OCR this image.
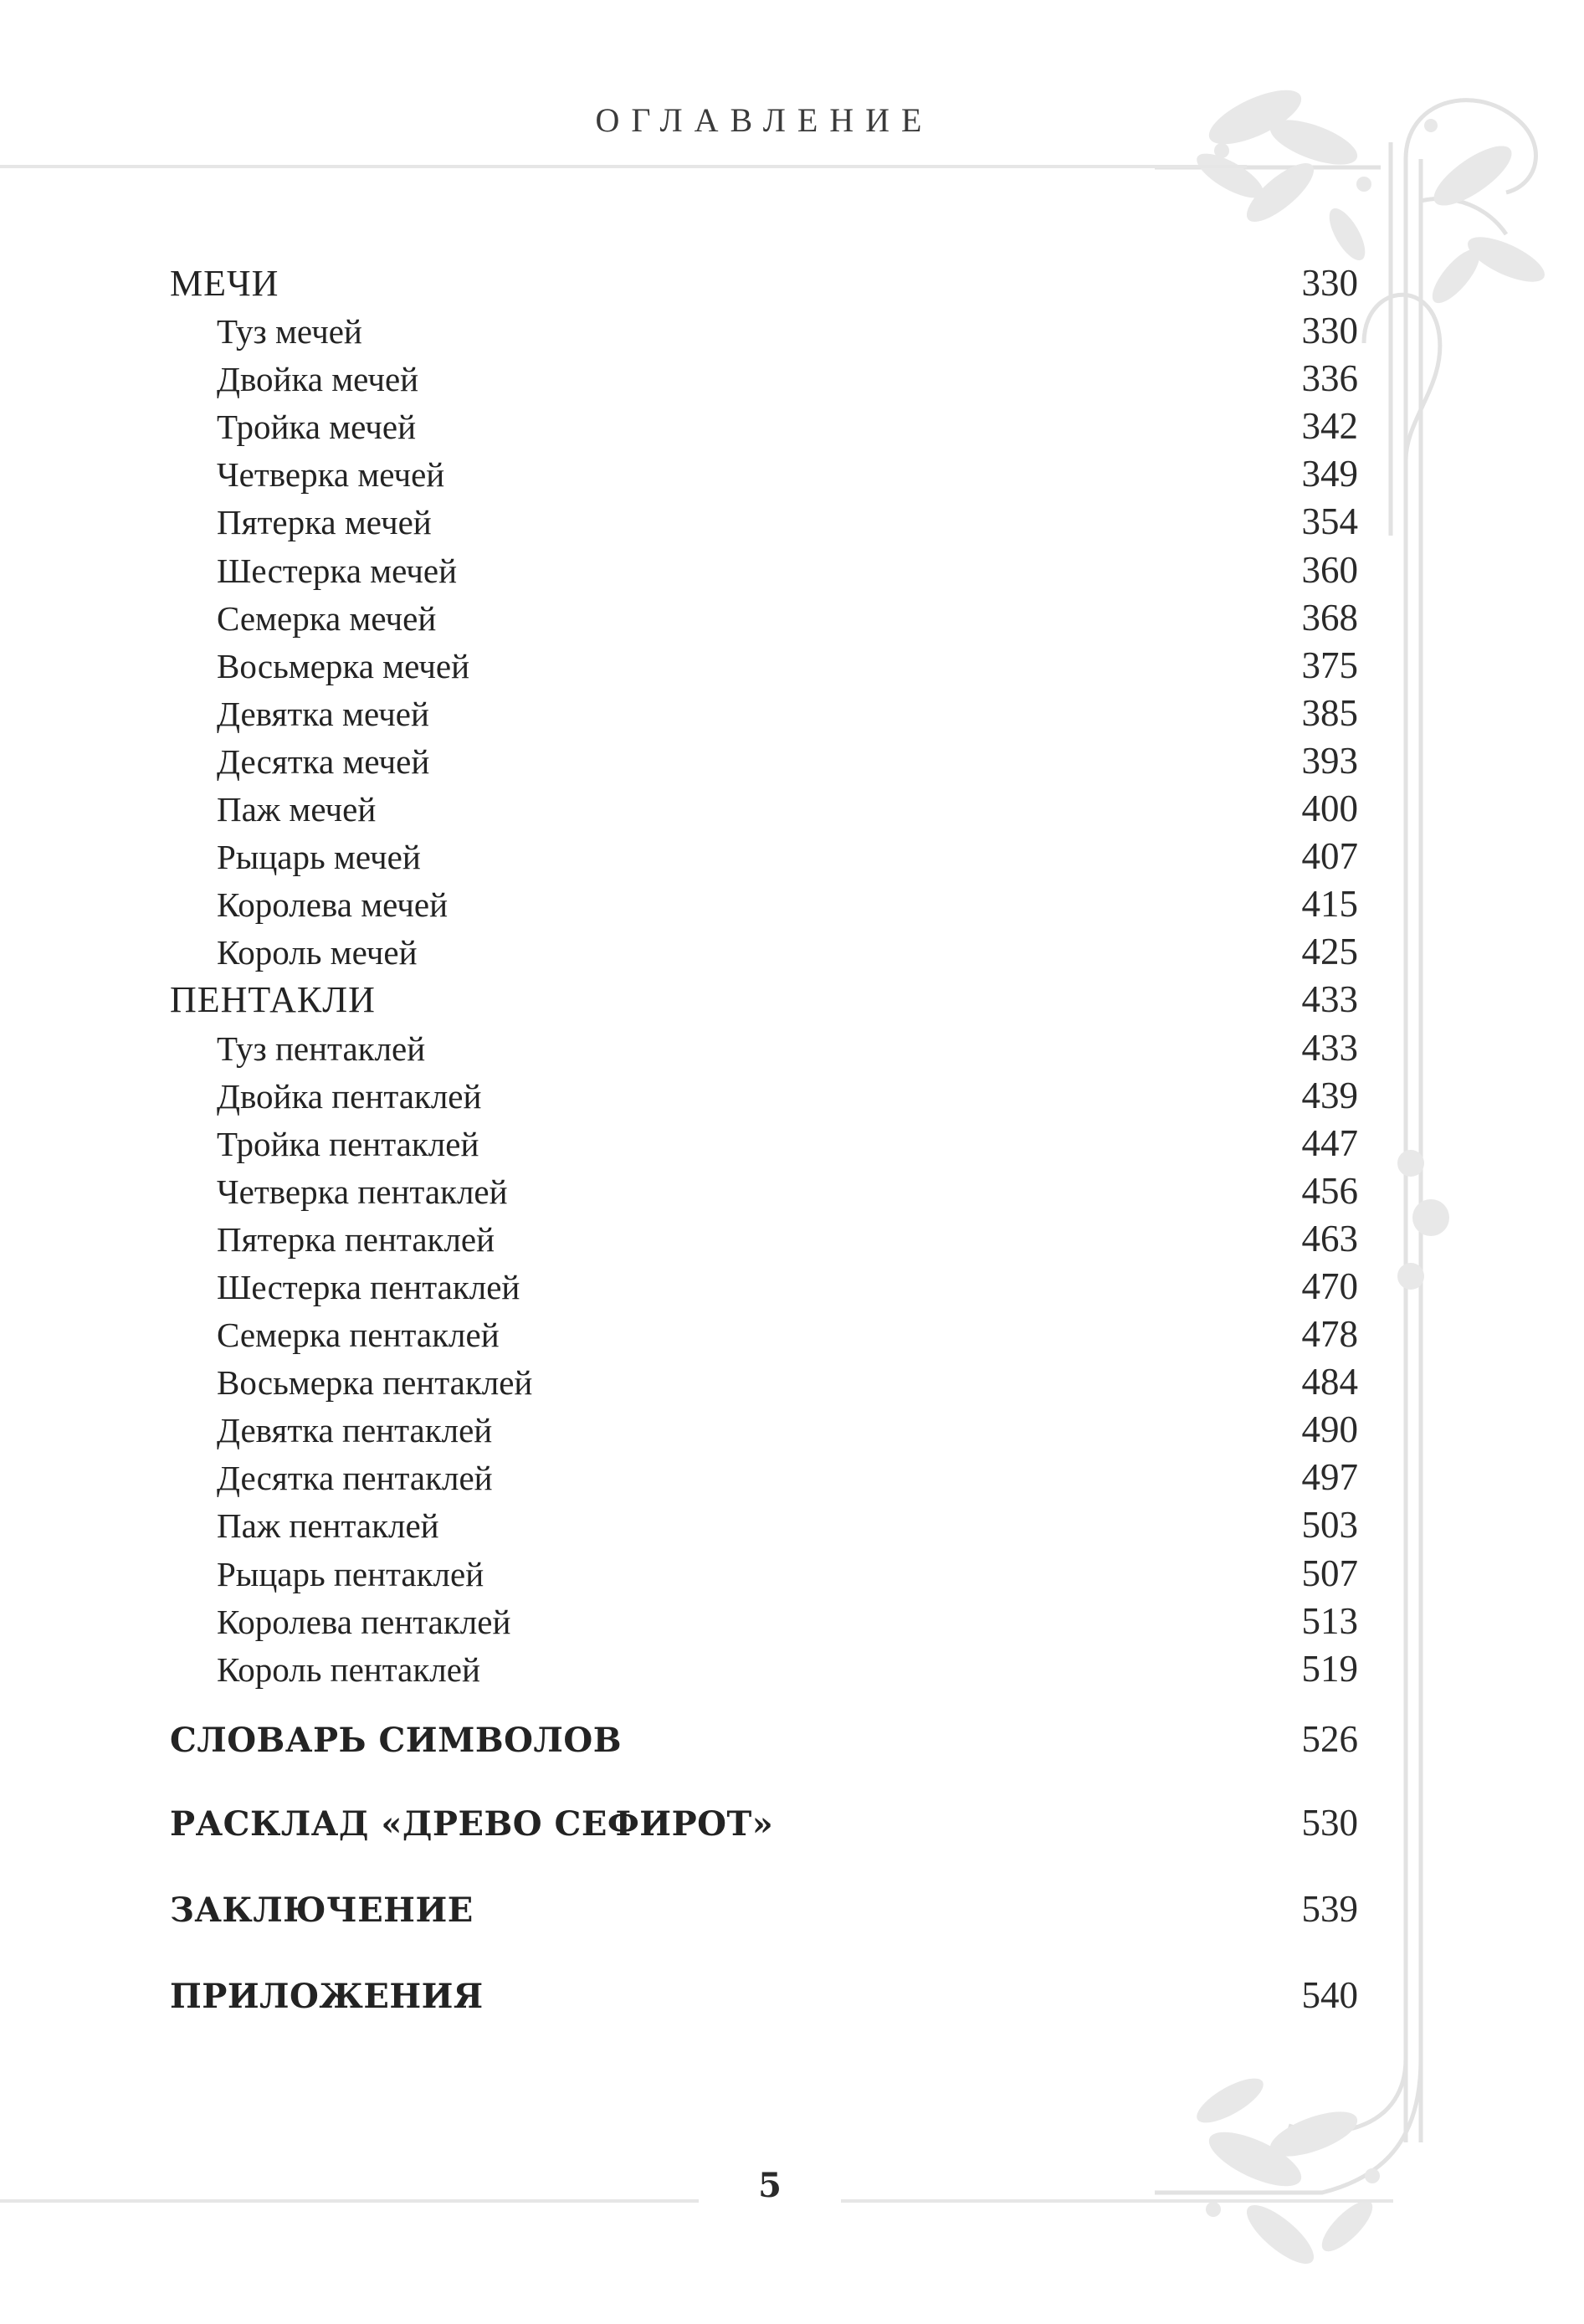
ОГЛАВЛЕНИЕ
МЕЧИ	330
Туз мечей	330
Двойка мечей	336
Тройка мечей	342
Четверка мечей	349
Пятерка мечей	354
Шестерка мечей	360
Семерка мечей	368
Восьмерка мечей	375
Девятка мечей	385
Десятка мечей	393
Паж мечей	400
Рыцарь мечей	407
Королева мечей	415
Король мечей	425
ПЕНТАКЛИ	433
Туз пентаклей	433
Двойка пентаклей	439
Тройка пентаклей	447
Четверка пентаклей	456
Пятерка пентаклей	463
Шестерка пентаклей	470
Семерка пентаклей	478
Восьмерка пентаклей	484
Девятка пентаклей	490
Десятка пентаклей	497
Паж пентаклей	503
Рыцарь пентаклей	507
Королева пентаклей	513
Король пентаклей	519
СЛОВАРЬ СИМВОЛОВ	526
РАСКЛАД «ДРЕВО СЕФИРОТ»	530
ЗАКЛЮЧЕНИЕ	539
ПРИЛОЖЕНИЯ	540
5
